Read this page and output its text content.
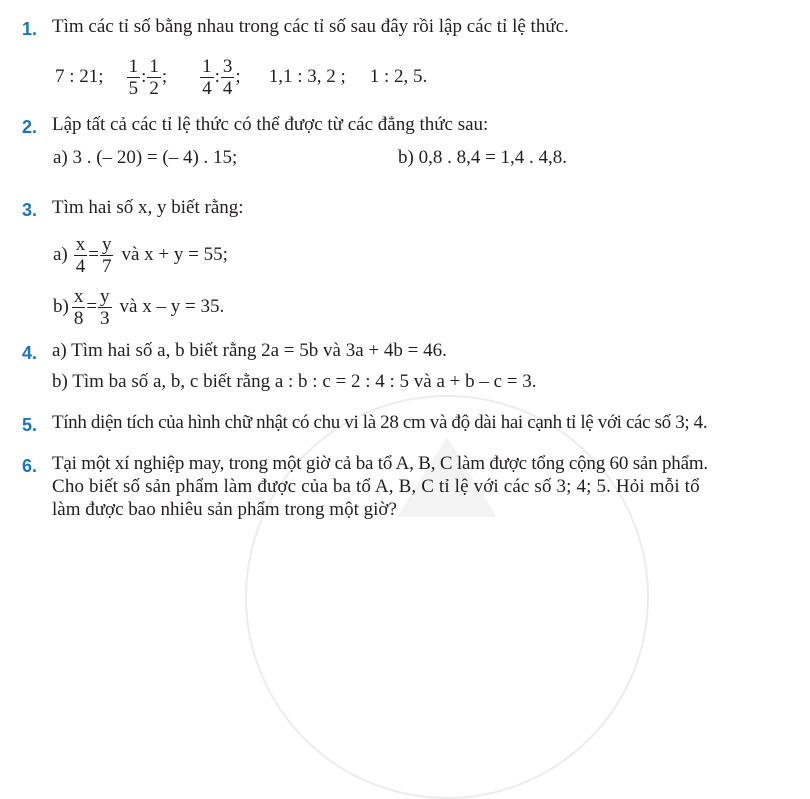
1. Tìm các tỉ số bằng nhau trong các tỉ số sau đây rồi lập các tỉ lệ thức.
7 : 21; $\frac{1}{5}$ : $\frac{1}{2}$ ; $\frac{1}{4}$ : $\frac{3}{4}$ ; 1,1 : 3, 2 ; 1 : 2, 5.
2. Lập tất cả các tỉ lệ thức có thể được từ các đẳng thức sau:
a) 3 . (– 20) = (– 4) . 15;	b) 0,8 . 8,4 = 1,4 . 4,8.
3. Tìm hai số x, y biết rằng:
$a) \frac{x}{4} = \frac{y}{7}$ và x + y = 55;
$b) \frac{x}{8} = \frac{y}{3}$ và x – y = 35.
4. a) Tìm hai số a, b biết rằng 2a = 5b và 3a + 4b = 46.
b) Tìm ba số a, b, c biết rằng a : b : c = 2 : 4 : 5 và a + b – c = 3.
5. Tính diện tích của hình chữ nhật có chu vi là 28 cm và độ dài hai cạnh tỉ lệ với các số 3; 4.
6. Tại một xí nghiệp may, trong một giờ cả ba tổ A, B, C làm được tổng cộng 60 sản phẩm.
Cho biết số sản phẩm làm được của ba tổ A, B, C tỉ lệ với các số 3; 4; 5. Hỏi mỗi tổ
làm được bao nhiêu sản phẩm trong một giờ?
